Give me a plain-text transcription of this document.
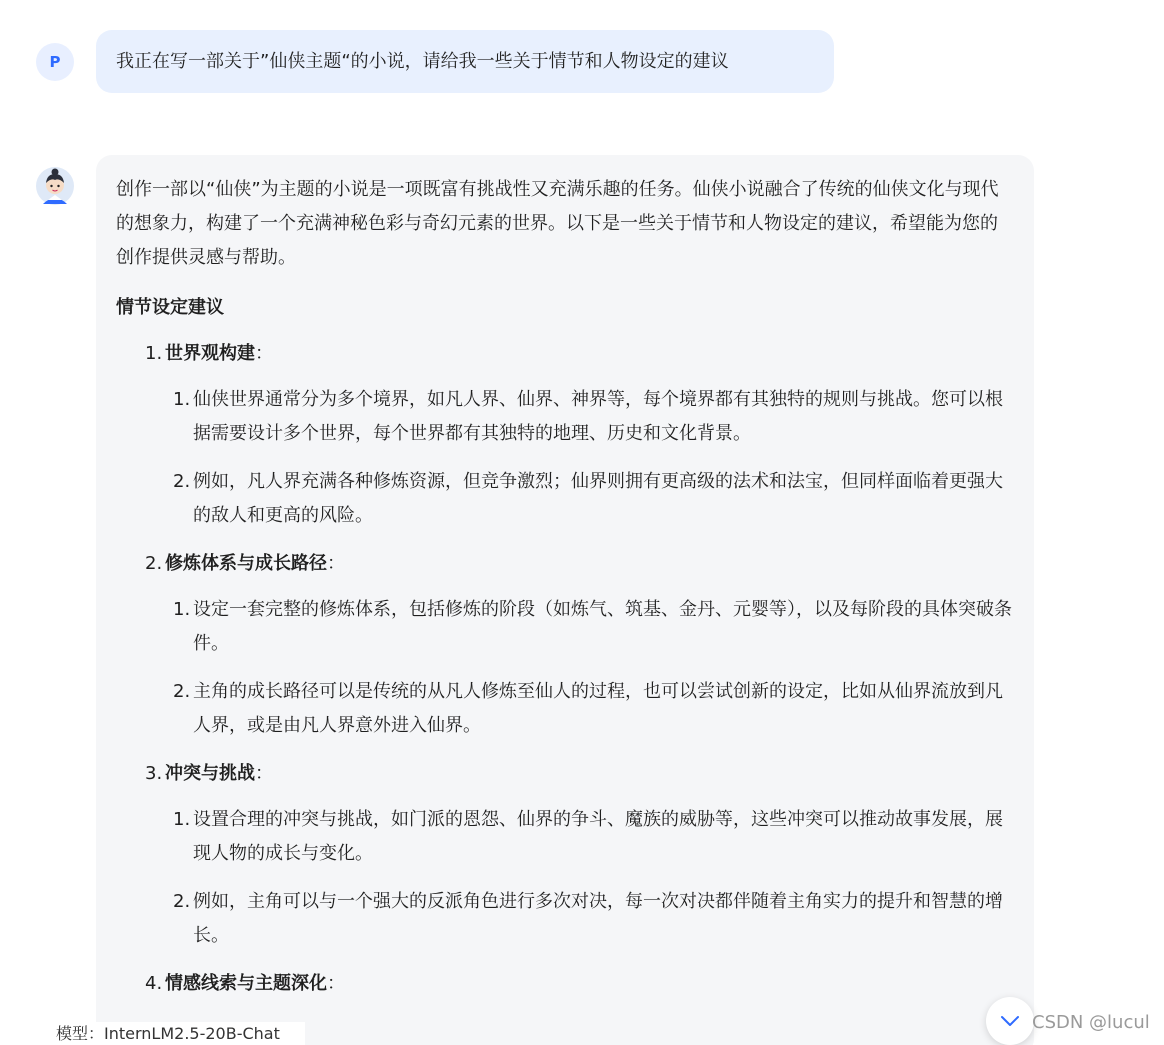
P	我正在写一部关于”仙侠主题“的小说，请给我一些关于情节和人物设定的建议

创作一部以“仙侠”为主题的小说是一项既富有挑战性又充满乐趣的任务。仙侠小说融合了传统的仙侠文化与现代的想象力，构建了一个充满神秘色彩与奇幻元素的世界。以下是一些关于情节和人物设定的建议，希望能为您的创作提供灵感与帮助。

情节设定建议
1. 世界观构建：
1. 仙侠世界通常分为多个境界，如凡人界、仙界、神界等，每个境界都有其独特的规则与挑战。您可以根据需要设计多个世界，每个世界都有其独特的地理、历史和文化背景。
2. 例如，凡人界充满各种修炼资源，但竞争激烈；仙界则拥有更高级的法术和法宝，但同样面临着更强大的敌人和更高的风险。
2. 修炼体系与成长路径：
1. 设定一套完整的修炼体系，包括修炼的阶段（如炼气、筑基、金丹、元婴等），以及每阶段的具体突破条件。
2. 主角的成长路径可以是传统的从凡人修炼至仙人的过程，也可以尝试创新的设定，比如从仙界流放到凡人界，或是由凡人界意外进入仙界。
3. 冲突与挑战：
1. 设置合理的冲突与挑战，如门派的恩怨、仙界的争斗、魔族的威胁等，这些冲突可以推动故事发展，展现人物的成长与变化。
2. 例如，主角可以与一个强大的反派角色进行多次对决，每一次对决都伴随着主角实力的提升和智慧的增长。
4. 情感线索与主题深化：
模型：InternLM2.5-20B-Chat
CSDN @lucul
